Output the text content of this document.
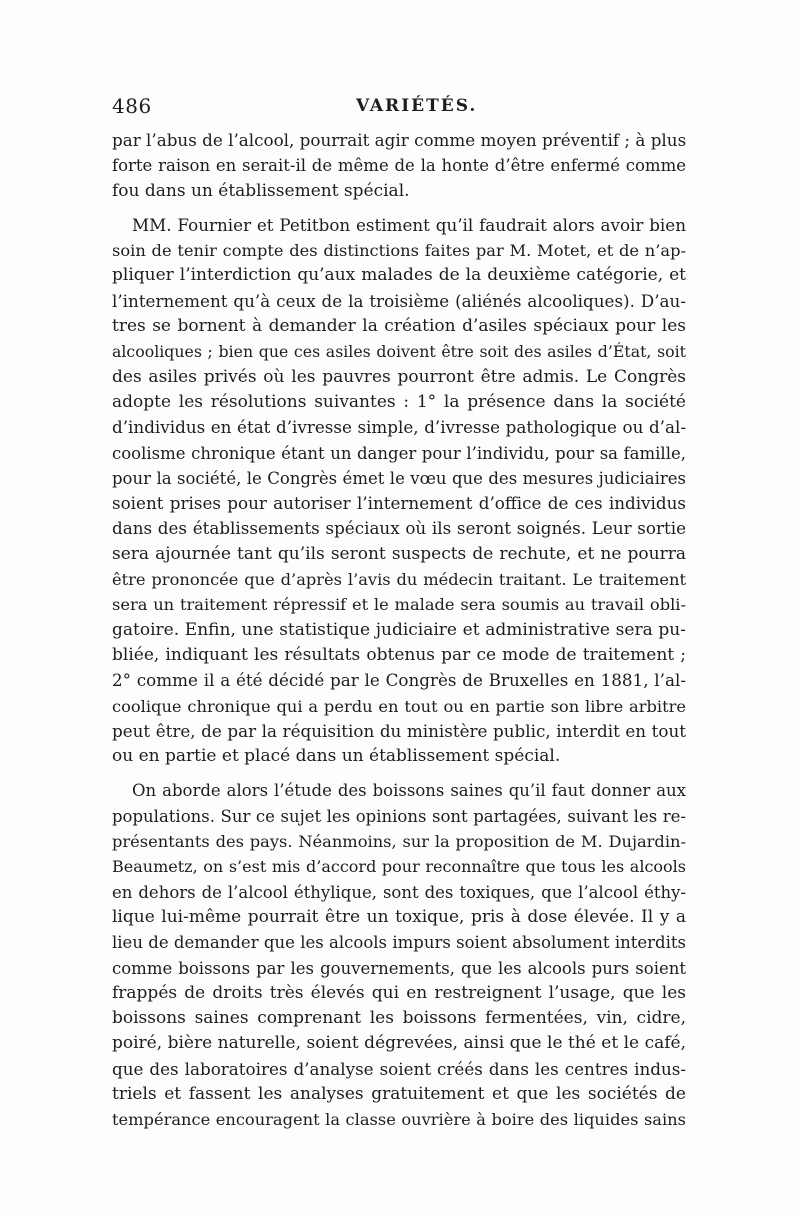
486	VARIÉTÉS.
par l’abus de l’alcool, pourrait agir comme moyen préventif ; à plus
forte raison en serait-il de même de la honte d’être enfermé comme
fou dans un établissement spécial.
MM. Fournier et Petitbon estiment qu’il faudrait alors avoir bien
soin de tenir compte des distinctions faites par M. Motet, et de n’ap-
pliquer l’interdiction qu’aux malades de la deuxième catégorie, et
l’internement qu’à ceux de la troisième (aliénés alcooliques). D’au-
tres se bornent à demander la création d’asiles spéciaux pour les
alcooliques ; bien que ces asiles doivent être soit des asiles d’État, soit
des asiles privés où les pauvres pourront être admis. Le Congrès
adopte les résolutions suivantes : 1° la présence dans la société
d’individus en état d’ivresse simple, d’ivresse pathologique ou d’al-
coolisme chronique étant un danger pour l’individu, pour sa famille,
pour la société, le Congrès émet le vœu que des mesures judiciaires
soient prises pour autoriser l’internement d’office de ces individus
dans des établissements spéciaux où ils seront soignés. Leur sortie
sera ajournée tant qu’ils seront suspects de rechute, et ne pourra
être prononcée que d’après l’avis du médecin traitant. Le traitement
sera un traitement répressif et le malade sera soumis au travail obli-
gatoire. Enfin, une statistique judiciaire et administrative sera pu-
bliée, indiquant les résultats obtenus par ce mode de traitement ;
2° comme il a été décidé par le Congrès de Bruxelles en 1881, l’al-
coolique chronique qui a perdu en tout ou en partie son libre arbitre
peut être, de par la réquisition du ministère public, interdit en tout
ou en partie et placé dans un établissement spécial.
On aborde alors l’étude des boissons saines qu’il faut donner aux
populations. Sur ce sujet les opinions sont partagées, suivant les re-
présentants des pays. Néanmoins, sur la proposition de M. Dujardin-
Beaumetz, on s’est mis d’accord pour reconnaître que tous les alcools
en dehors de l’alcool éthylique, sont des toxiques, que l’alcool éthy-
lique lui-même pourrait être un toxique, pris à dose élevée. Il y a
lieu de demander que les alcools impurs soient absolument interdits
comme boissons par les gouvernements, que les alcools purs soient
frappés de droits très élevés qui en restreignent l’usage, que les
boissons saines comprenant les boissons fermentées, vin, cidre,
poiré, bière naturelle, soient dégrevées, ainsi que le thé et le café,
que des laboratoires d’analyse soient créés dans les centres indus-
triels et fassent les analyses gratuitement et que les sociétés de
tempérance encouragent la classe ouvrière à boire des liquides sains
